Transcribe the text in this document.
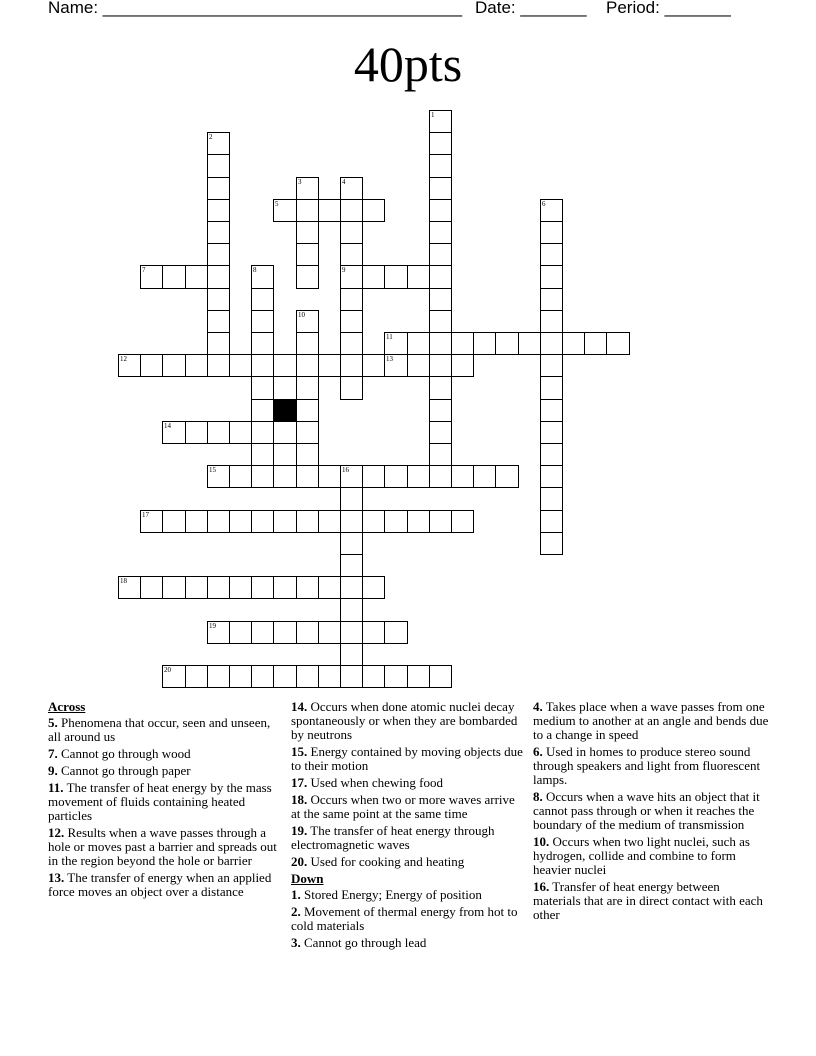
Name: ______________________________________ Date: _______ Period: _______
40pts
1
2
3	4
9
5	6
7	8
10
11
12	13
14
15	16
17
18
19
20
Across
5. Phenomena that occur, seen and unseen, all around us
7. Cannot go through wood
9. Cannot go through paper
11. The transfer of heat energy by the mass movement of fluids containing heated particles
12. Results when a wave passes through a hole or moves past a barrier and spreads out in the region beyond the hole or barrier
13. The transfer of energy when an applied force moves an object over a distance
14. Occurs when done atomic nuclei decay spontaneously or when they are bombarded by neutrons
15. Energy contained by moving objects due to their motion
17. Used when chewing food
18. Occurs when two or more waves arrive at the same point at the same time
19. The transfer of heat energy through electromagnetic waves
20. Used for cooking and heating
Down
1. Stored Energy; Energy of position
2. Movement of thermal energy from hot to cold materials
3. Cannot go through lead
4. Takes place when a wave passes from one medium to another at an angle and bends due to a change in speed
6. Used in homes to produce stereo sound through speakers and light from fluorescent lamps.
8. Occurs when a wave hits an object that it cannot pass through or when it reaches the boundary of the medium of transmission
10. Occurs when two light nuclei, such as hydrogen, collide and combine to form heavier nuclei
16. Transfer of heat energy between materials that are in direct contact with each other
